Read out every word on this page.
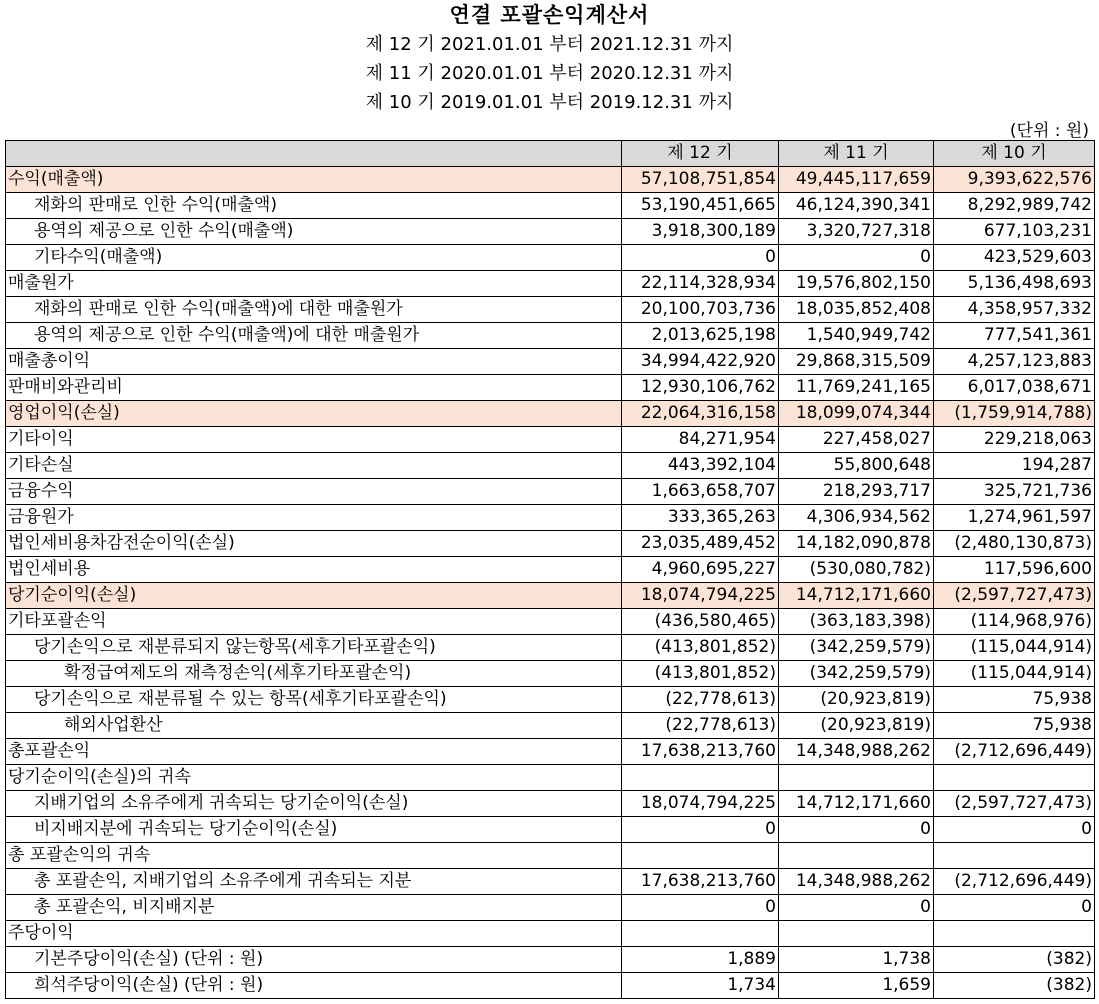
연결 포괄손익계산서
제 12 기 2021.01.01 부터 2021.12.31 까지
제 11 기 2020.01.01 부터 2020.12.31 까지
제 10 기 2019.01.01 부터 2019.12.31 까지
(단위 : 원)
	제 12 기	제 11 기	제 10 기
수익(매출액)	57,108,751,854	49,445,117,659	9,393,622,576
재화의 판매로 인한 수익(매출액)	53,190,451,665	46,124,390,341	8,292,989,742
용역의 제공으로 인한 수익(매출액)	3,918,300,189	3,320,727,318	677,103,231
기타수익(매출액)	0	0	423,529,603
매출원가	22,114,328,934	19,576,802,150	5,136,498,693
재화의 판매로 인한 수익(매출액)에 대한 매출원가	20,100,703,736	18,035,852,408	4,358,957,332
용역의 제공으로 인한 수익(매출액)에 대한 매출원가	2,013,625,198	1,540,949,742	777,541,361
매출총이익	34,994,422,920	29,868,315,509	4,257,123,883
판매비와관리비	12,930,106,762	11,769,241,165	6,017,038,671
영업이익(손실)	22,064,316,158	18,099,074,344	(1,759,914,788)
기타이익	84,271,954	227,458,027	229,218,063
기타손실	443,392,104	55,800,648	194,287
금융수익	1,663,658,707	218,293,717	325,721,736
금융원가	333,365,263	4,306,934,562	1,274,961,597
법인세비용차감전순이익(손실)	23,035,489,452	14,182,090,878	(2,480,130,873)
법인세비용	4,960,695,227	(530,080,782)	117,596,600
당기순이익(손실)	18,074,794,225	14,712,171,660	(2,597,727,473)
기타포괄손익	(436,580,465)	(363,183,398)	(114,968,976)
당기손익으로 재분류되지 않는항목(세후기타포괄손익)	(413,801,852)	(342,259,579)	(115,044,914)
확정급여제도의 재측정손익(세후기타포괄손익)	(413,801,852)	(342,259,579)	(115,044,914)
당기손익으로 재분류될 수 있는 항목(세후기타포괄손익)	(22,778,613)	(20,923,819)	75,938
해외사업환산	(22,778,613)	(20,923,819)	75,938
총포괄손익	17,638,213,760	14,348,988,262	(2,712,696,449)
당기순이익(손실)의 귀속			
지배기업의 소유주에게 귀속되는 당기순이익(손실)	18,074,794,225	14,712,171,660	(2,597,727,473)
비지배지분에 귀속되는 당기순이익(손실)	0	0	0
총 포괄손익의 귀속			
총 포괄손익, 지배기업의 소유주에게 귀속되는 지분	17,638,213,760	14,348,988,262	(2,712,696,449)
총 포괄손익, 비지배지분	0	0	0
주당이익			
기본주당이익(손실) (단위 : 원)	1,889	1,738	(382)
희석주당이익(손실) (단위 : 원)	1,734	1,659	(382)
